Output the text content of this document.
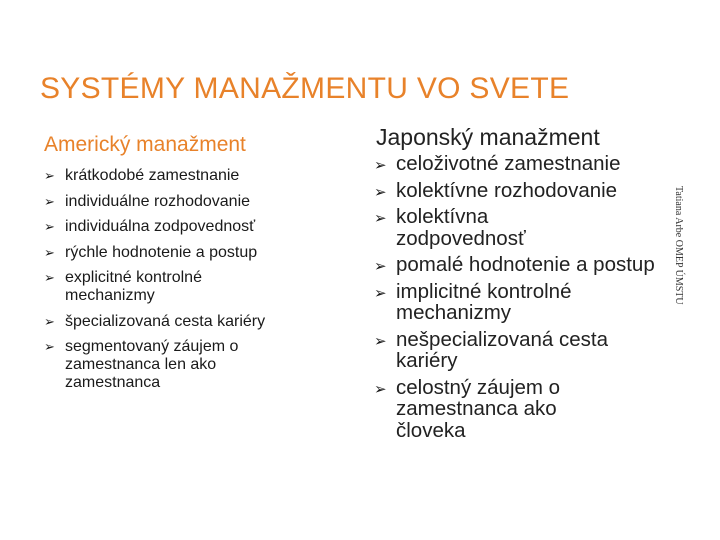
SYSTÉMY MANAŽMENTU VO SVETE
Americký manažment
➢ krátkodobé zamestnanie
➢ individuálne rozhodovanie
➢ individuálna zodpovednosť
➢ rýchle hodnotenie a postup
➢ explicitné kontrolné mechanizmy
➢ špecializovaná cesta kariéry
➢ segmentovaný záujem o zamestnanca len ako zamestnanca
Japonský manažment
➢ celoživotné zamestnanie
➢ kolektívne rozhodovanie
➢ kolektívna zodpovednosť
➢ pomalé hodnotenie a postup
➢ implicitné kontrolné mechanizmy
➢ nešpecializovaná cesta kariéry
➢ celostný záujem o zamestnanca ako človeka
Tatiana Arbe OMEP ÚMSTU
